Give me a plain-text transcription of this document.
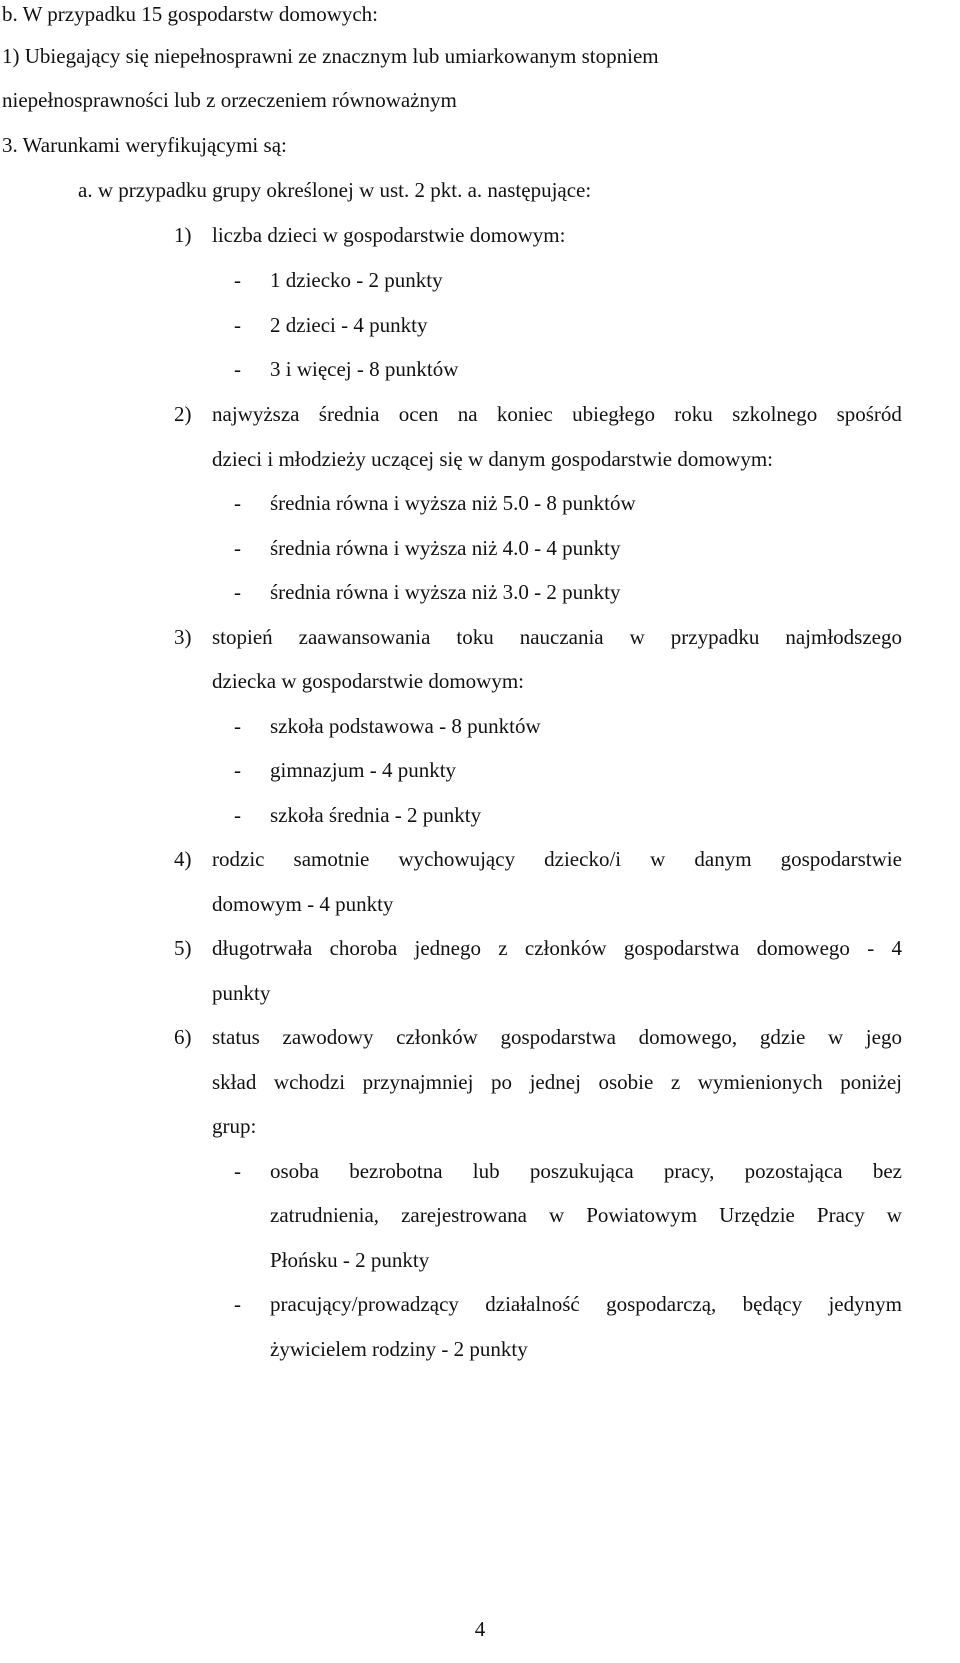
b. W przypadku 15 gospodarstw domowych:
1) Ubiegający się niepełnosprawni ze znacznym lub umiarkowanym stopniem
niepełnosprawności lub z orzeczeniem równoważnym
3. Warunkami weryfikującymi są:
a. w przypadku grupy określonej w ust. 2 pkt. a. następujące:
1) liczba dzieci w gospodarstwie domowym:
- 1 dziecko - 2 punkty
- 2 dzieci - 4 punkty
- 3 i więcej - 8 punktów
2) najwyższa średnia ocen na koniec ubiegłego roku szkolnego spośród
dzieci i młodzieży uczącej się w danym gospodarstwie domowym:
- średnia równa i wyższa niż 5.0 - 8 punktów
- średnia równa i wyższa niż 4.0 - 4 punkty
- średnia równa i wyższa niż 3.0 - 2 punkty
3) stopień zaawansowania toku nauczania w przypadku najmłodszego
dziecka w gospodarstwie domowym:
- szkoła podstawowa - 8 punktów
- gimnazjum - 4 punkty
- szkoła średnia - 2 punkty
4) rodzic samotnie wychowujący dziecko/i w danym gospodarstwie
domowym - 4 punkty
5) długotrwała choroba jednego z członków gospodarstwa domowego - 4
punkty
6) status zawodowy członków gospodarstwa domowego, gdzie w jego
skład wchodzi przynajmniej po jednej osobie z wymienionych poniżej
grup:
- osoba bezrobotna lub poszukująca pracy, pozostająca bez
zatrudnienia, zarejestrowana w Powiatowym Urzędzie Pracy w
Płońsku - 2 punkty
- pracujący/prowadzący działalność gospodarczą, będący jedynym
żywicielem rodziny - 2 punkty
4
